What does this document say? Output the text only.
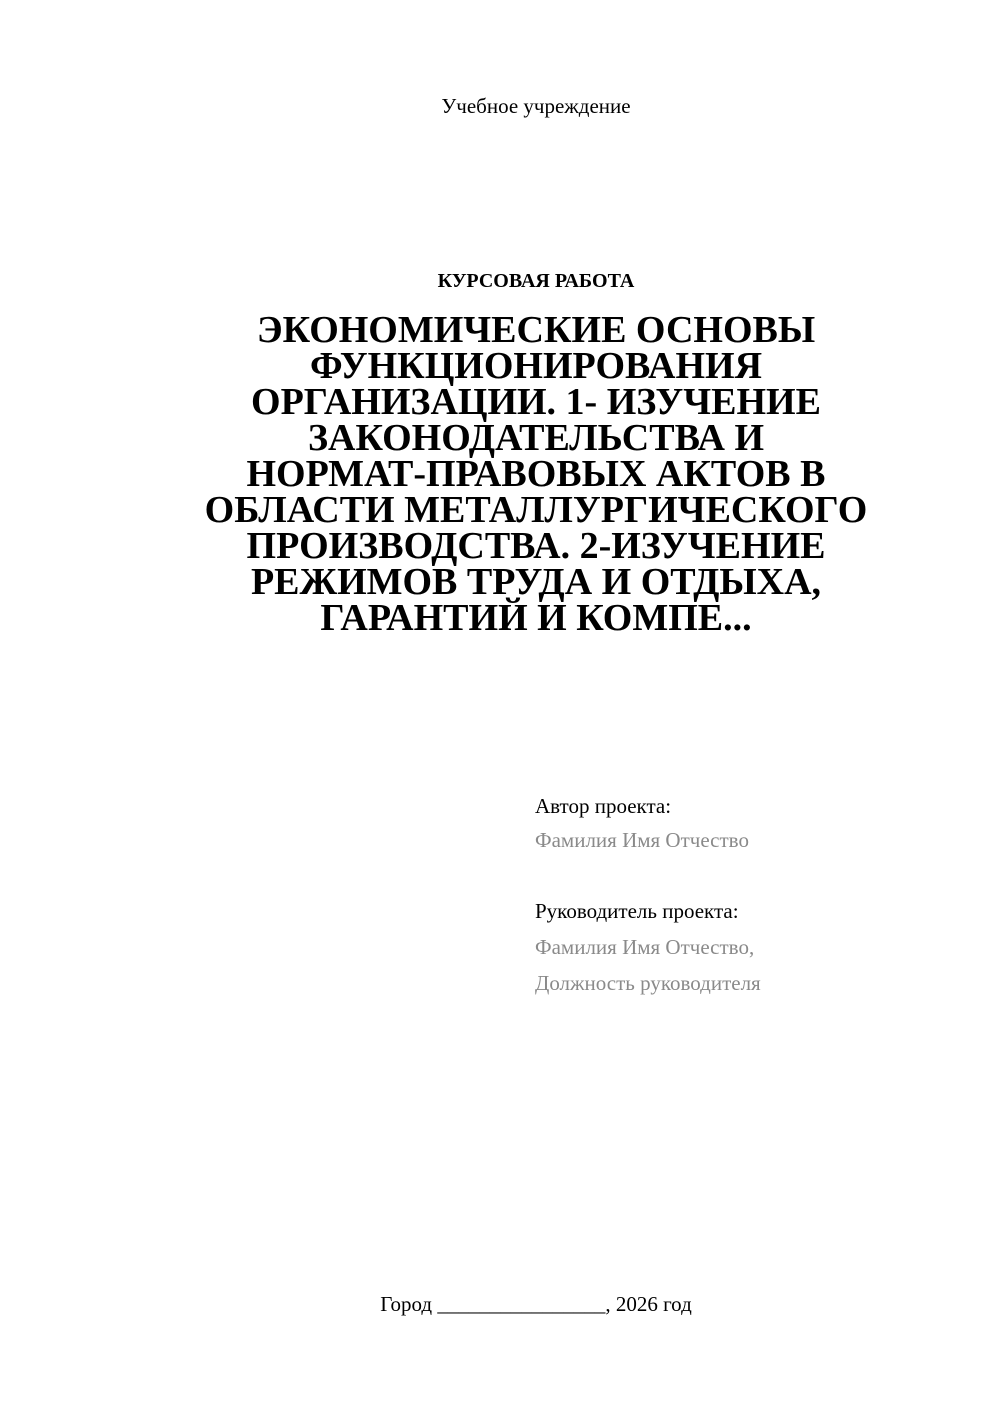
Учебное учреждение
КУРСОВАЯ РАБОТА
ЭКОНОМИЧЕСКИЕ ОСНОВЫ
ФУНКЦИОНИРОВАНИЯ
ОРГАНИЗАЦИИ. 1- ИЗУЧЕНИЕ
ЗАКОНОДАТЕЛЬСТВА И
НОРМАТ-ПРАВОВЫХ АКТОВ В
ОБЛАСТИ МЕТАЛЛУРГИЧЕСКОГО
ПРОИЗВОДСТВА. 2-ИЗУЧЕНИЕ
РЕЖИМОВ ТРУДА И ОТДЫХА,
ГАРАНТИЙ И КОМПЕ...
Автор проекта:
Фамилия Имя Отчество
Руководитель проекта:
Фамилия Имя Отчество,
Должность руководителя
Город ________________, 2026 год
